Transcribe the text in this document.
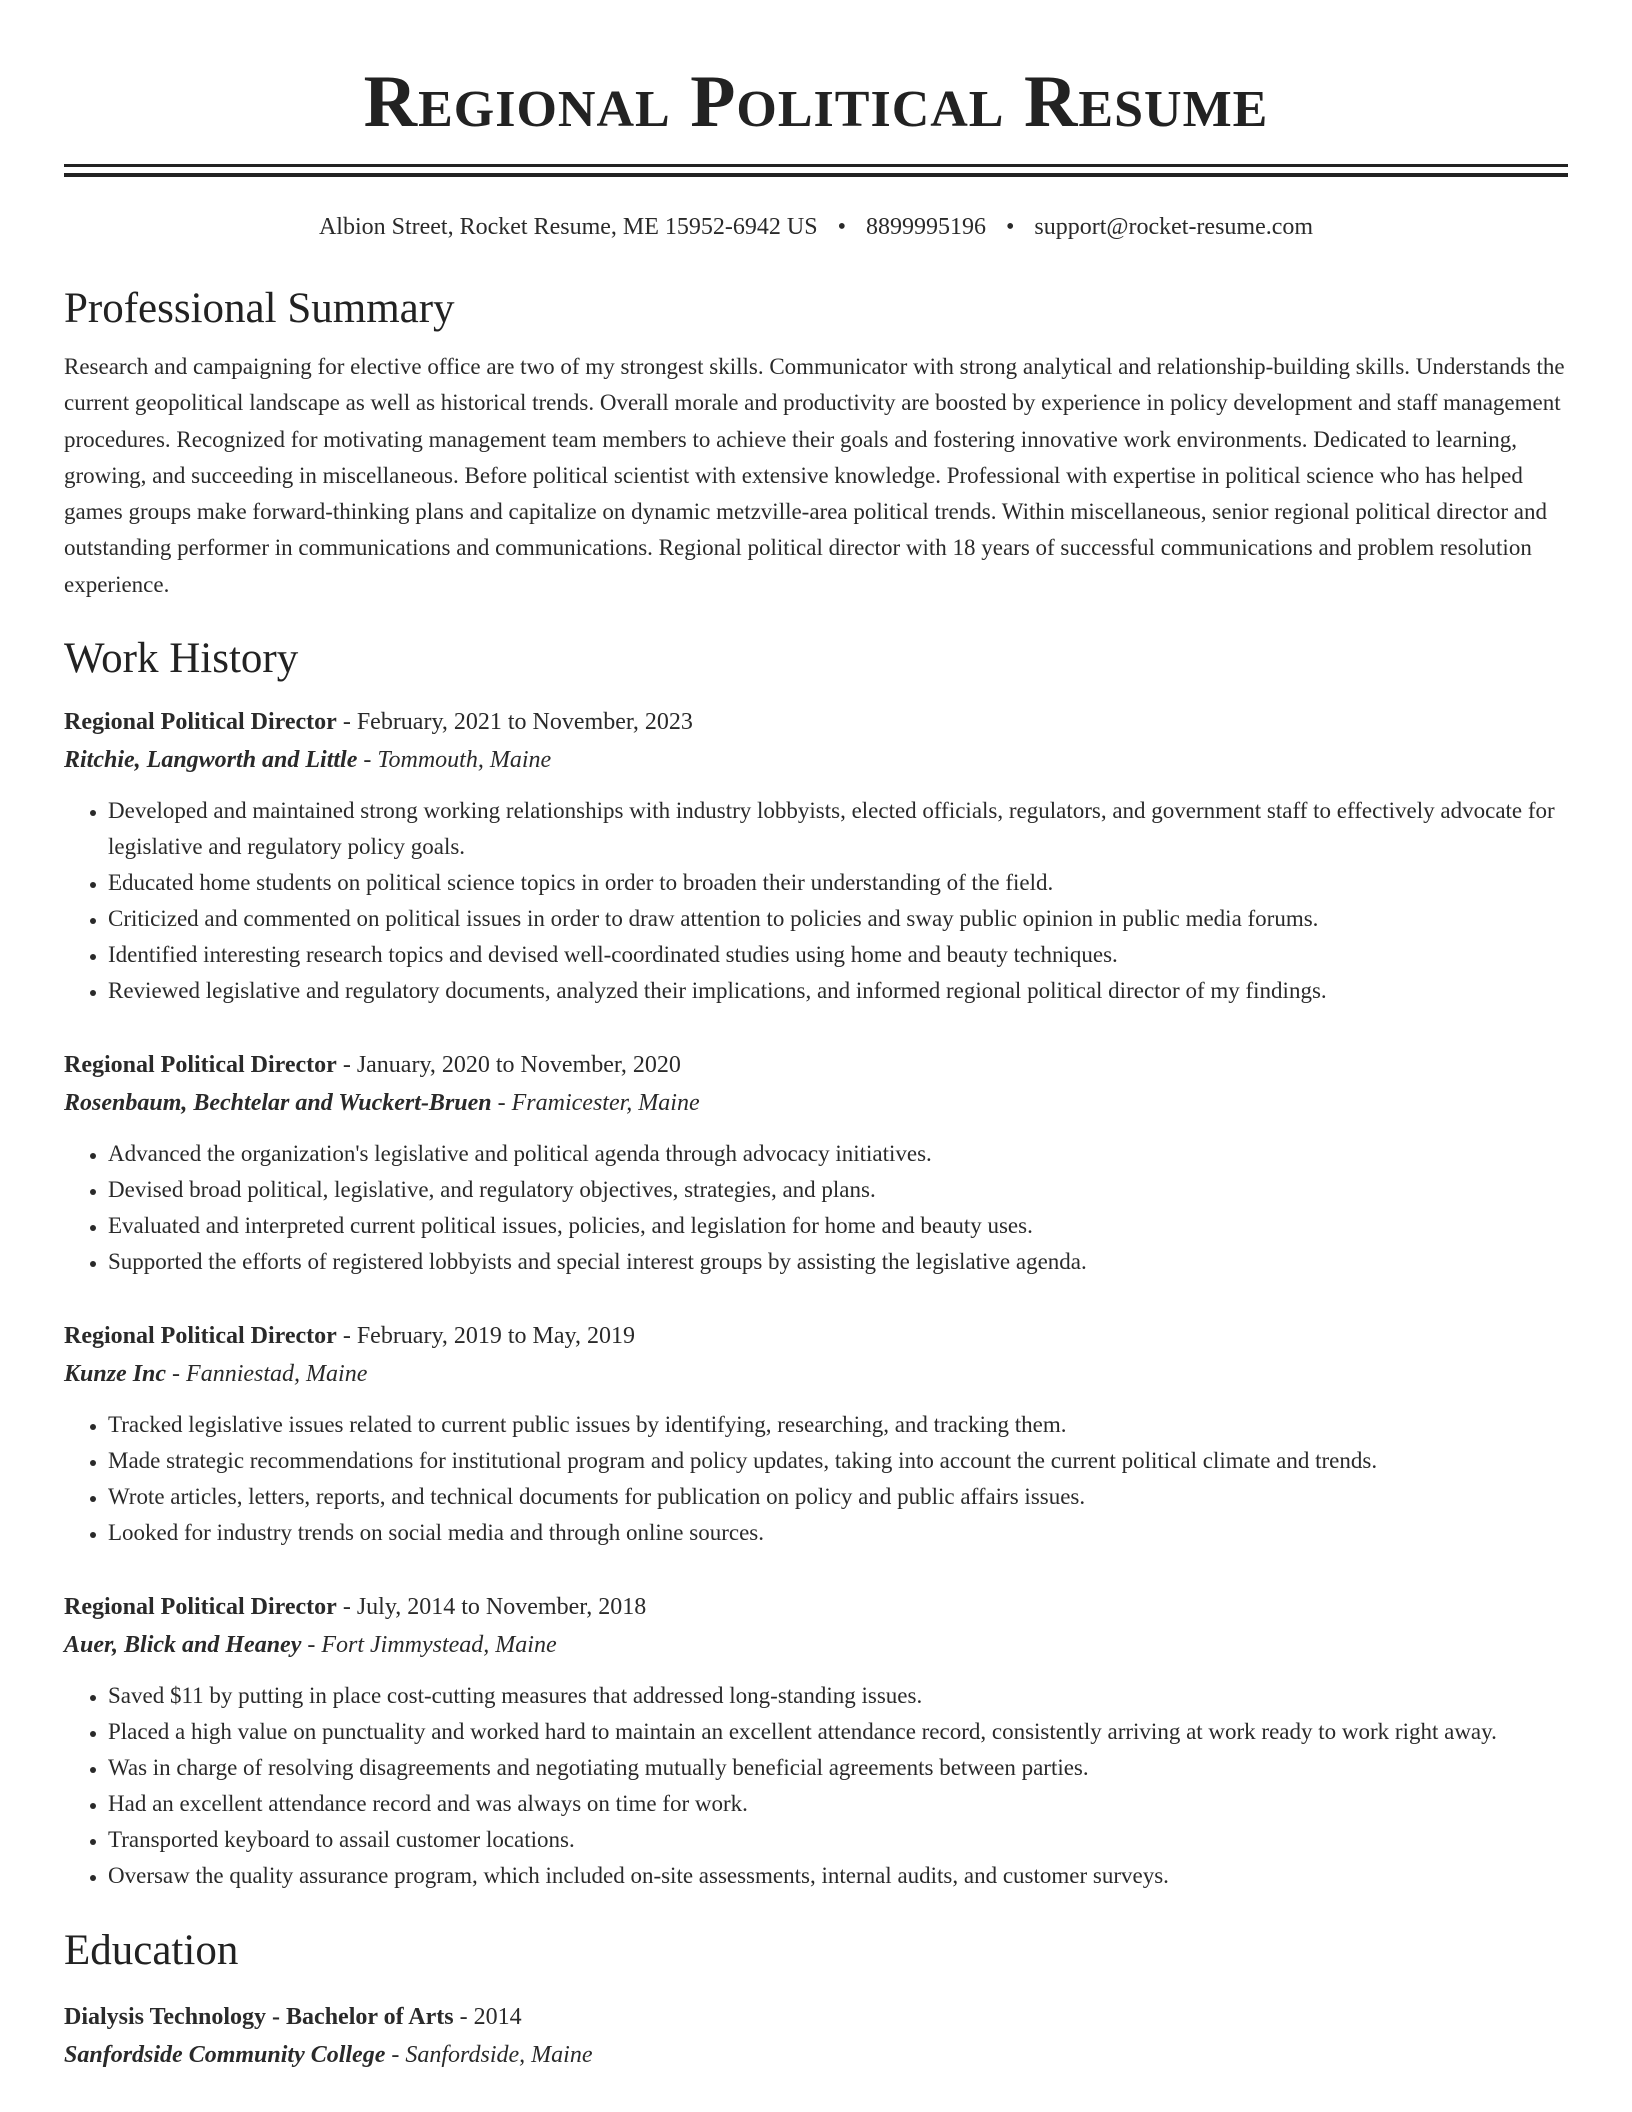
Regional Political Resume
Albion Street, Rocket Resume, ME 15952-6942 US • 8899995196 • support@rocket-resume.com
Professional Summary

Research and campaigning for elective office are two of my strongest skills. Communicator with strong analytical and relationship-building skills. Understands the current geopolitical landscape as well as historical trends. Overall morale and productivity are boosted by experience in policy development and staff management procedures. Recognized for motivating management team members to achieve their goals and fostering innovative work environments. Dedicated to learning, growing, and succeeding in miscellaneous. Before political scientist with extensive knowledge. Professional with expertise in political science who has helped games groups make forward-thinking plans and capitalize on dynamic metzville-area political trends. Within miscellaneous, senior regional political director and outstanding performer in communications and communications. Regional political director with 18 years of successful communications and problem resolution experience.

Work History
Regional Political Director - February, 2021 to November, 2023
Ritchie, Langworth and Little - Tommouth, Maine
• Developed and maintained strong working relationships with industry lobbyists, elected officials, regulators, and government staff to effectively advocate for legislative and regulatory policy goals.
• Educated home students on political science topics in order to broaden their understanding of the field.
• Criticized and commented on political issues in order to draw attention to policies and sway public opinion in public media forums.
• Identified interesting research topics and devised well-coordinated studies using home and beauty techniques.
• Reviewed legislative and regulatory documents, analyzed their implications, and informed regional political director of my findings.
Regional Political Director - January, 2020 to November, 2020
Rosenbaum, Bechtelar and Wuckert-Bruen - Framicester, Maine
• Advanced the organization's legislative and political agenda through advocacy initiatives.
• Devised broad political, legislative, and regulatory objectives, strategies, and plans.
• Evaluated and interpreted current political issues, policies, and legislation for home and beauty uses.
• Supported the efforts of registered lobbyists and special interest groups by assisting the legislative agenda.
Regional Political Director - February, 2019 to May, 2019
Kunze Inc - Fanniestad, Maine
• Tracked legislative issues related to current public issues by identifying, researching, and tracking them.
• Made strategic recommendations for institutional program and policy updates, taking into account the current political climate and trends.
• Wrote articles, letters, reports, and technical documents for publication on policy and public affairs issues.
• Looked for industry trends on social media and through online sources.
Regional Political Director - July, 2014 to November, 2018
Auer, Blick and Heaney - Fort Jimmystead, Maine
• Saved $11 by putting in place cost-cutting measures that addressed long-standing issues.
• Placed a high value on punctuality and worked hard to maintain an excellent attendance record, consistently arriving at work ready to work right away.
• Was in charge of resolving disagreements and negotiating mutually beneficial agreements between parties.
• Had an excellent attendance record and was always on time for work.
• Transported keyboard to assail customer locations.
• Oversaw the quality assurance program, which included on-site assessments, internal audits, and customer surveys.
Education
Dialysis Technology - Bachelor of Arts - 2014
Sanfordside Community College - Sanfordside, Maine
